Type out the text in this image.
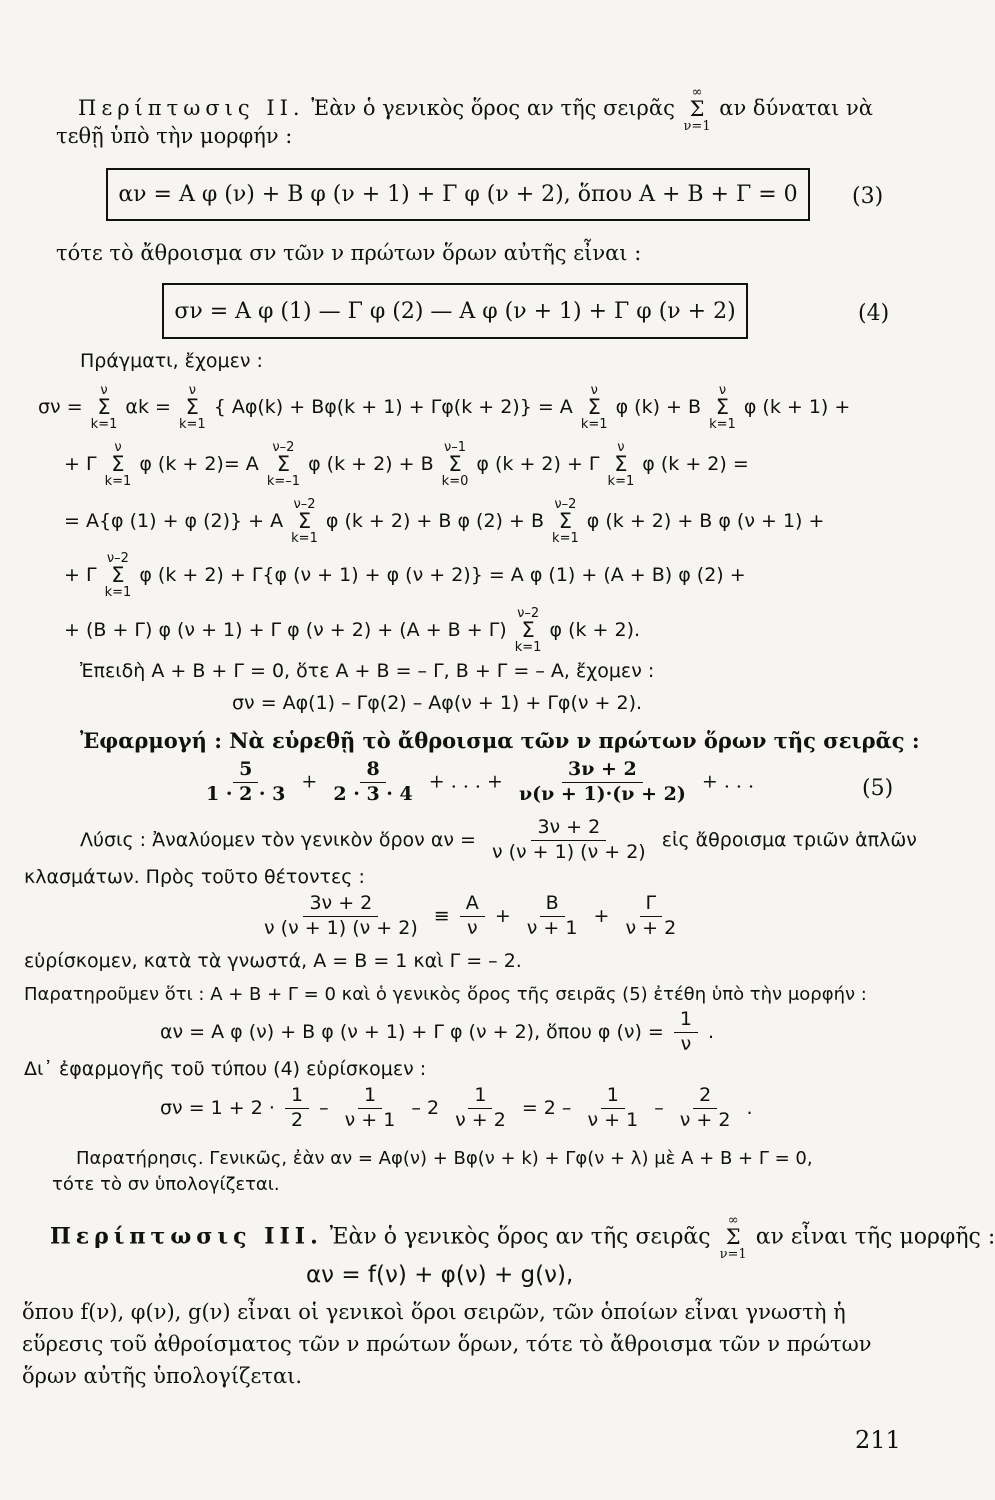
Περίπτωσις II. Ἐὰν ὁ γενικὸς ὅρος αν τῆς σειρᾶς
∞
Σ
ν=1
αν δύναται νὰ
τεθῇ ὑπὸ τὴν μορφήν :
αν = A φ (ν) + B φ (ν + 1) + Γ φ (ν + 2), ὅπου A + B + Γ = 0 (3)
τότε τὸ ἄθροισμα σν τῶν ν πρώτων ὅρων αὐτῆς εἶναι :
σν = A φ (1) — Γ φ (2) — A φ (ν + 1) + Γ φ (ν + 2)	(4)
Πράγματι, ἔχομεν :
σν =
ν
Σ
k=1
αk =
ν
Σ
k=1
{ Aφ(k) + Bφ(k + 1) + Γφ(k + 2)} = A
ν
Σ
k=1
φ (k) + B
ν
Σ
k=1
φ (k + 1) +
+ Γ
ν
Σ
k=1
φ (k + 2)= A
ν–2
Σ
k=–1
φ (k + 2) + B
ν–1
Σ
k=0
φ (k + 2) + Γ
ν
Σ
k=1
φ (k + 2) =
= A{φ (1) + φ (2)} + A
ν–2
Σ
k=1
φ (k + 2) + B φ (2) + B
ν–2
Σ
k=1
φ (k + 2) + B φ (ν + 1) +
+ Γ
ν–2
Σ
k=1
φ (k + 2) + Γ{φ (ν + 1) + φ (ν + 2)} = A φ (1) + (A + B) φ (2) +
+ (B + Γ) φ (ν + 1) + Γ φ (ν + 2) + (A + B + Γ)
ν–2
Σ
k=1
φ (k + 2).
Ἐπειδὴ A + B + Γ = 0, ὅτε A + B = – Γ, B + Γ = – A, ἔχομεν :
σν = Aφ(1) – Γφ(2) – Aφ(ν + 1) + Γφ(ν + 2).
Ἐφαρμογή : Νὰ εὑρεθῇ τὸ ἄθροισμα τῶν ν πρώτων ὅρων τῆς σειρᾶς :
$\frac{5}{1 \cdot 2 \cdot 3} + \frac{8}{2 \cdot 3 \cdot 4}$ + . . . + $\frac{3\nu + 2}{\nu(\nu + 1)\cdot(\nu + 2)}$ + . . .	(5)
Λύσις : Ἀναλύομεν τὸν γενικὸν ὅρον $\alpha\nu = \frac{3\nu + 2}{\nu (\nu + 1) (\nu + 2)}$ εἰς ἄθροισμα τριῶν ἁπλῶν
κλασμάτων. Πρὸς τοῦτο θέτοντες :
$\frac{3\nu + 2}{\nu (\nu + 1) (\nu + 2)} \equiv \frac{A}{\nu} + \frac{B}{\nu + 1} + \frac{\Gamma}{\nu + 2}$
εὑρίσκομεν, κατὰ τὰ γνωστά, A = B = 1 καὶ Γ = – 2.
Παρατηροῦμεν ὅτι : A + B + Γ = 0 καὶ ὁ γενικὸς ὅρος τῆς σειρᾶς (5) ἐτέθη ὑπὸ τὴν μορφήν :
αν = A φ (ν) + B φ (ν + 1) + Γ φ (ν + 2), ὅπου φ $(\nu) = \frac{1}{\nu}$ .
Δι᾽ ἐφαρμογῆς τοῦ τύπου (4) εὑρίσκομεν :
$\sigma\nu = 1 + 2 \cdot \frac{1}{2} - \frac{1}{\nu + 1} - 2 \frac{1}{\nu + 2} = 2 - \frac{1}{\nu + 1} - \frac{2}{\nu + 2}$ .
Παρατήρησις. Γενικῶς, ἐὰν αν = Aφ(ν) + Bφ(ν + k) + Γφ(ν + λ) μὲ A + B + Γ = 0,
τότε τὸ σν ὑπολογίζεται.
Περίπτωσις III. Ἐὰν ὁ γενικὸς ὅρος αν τῆς σειρᾶς
∞
Σ
ν=1
αν εἶναι τῆς μορφῆς :
αν = f(ν) + φ(ν) + g(ν),
ὅπου f(ν), φ(ν), g(ν) εἶναι οἱ γενικοὶ ὅροι σειρῶν, τῶν ὁποίων εἶναι γνωστὴ ἡ
εὕρεσις τοῦ ἀθροίσματος τῶν ν πρώτων ὅρων, τότε τὸ ἄθροισμα τῶν ν πρώτων
ὅρων αὐτῆς ὑπολογίζεται.
211
